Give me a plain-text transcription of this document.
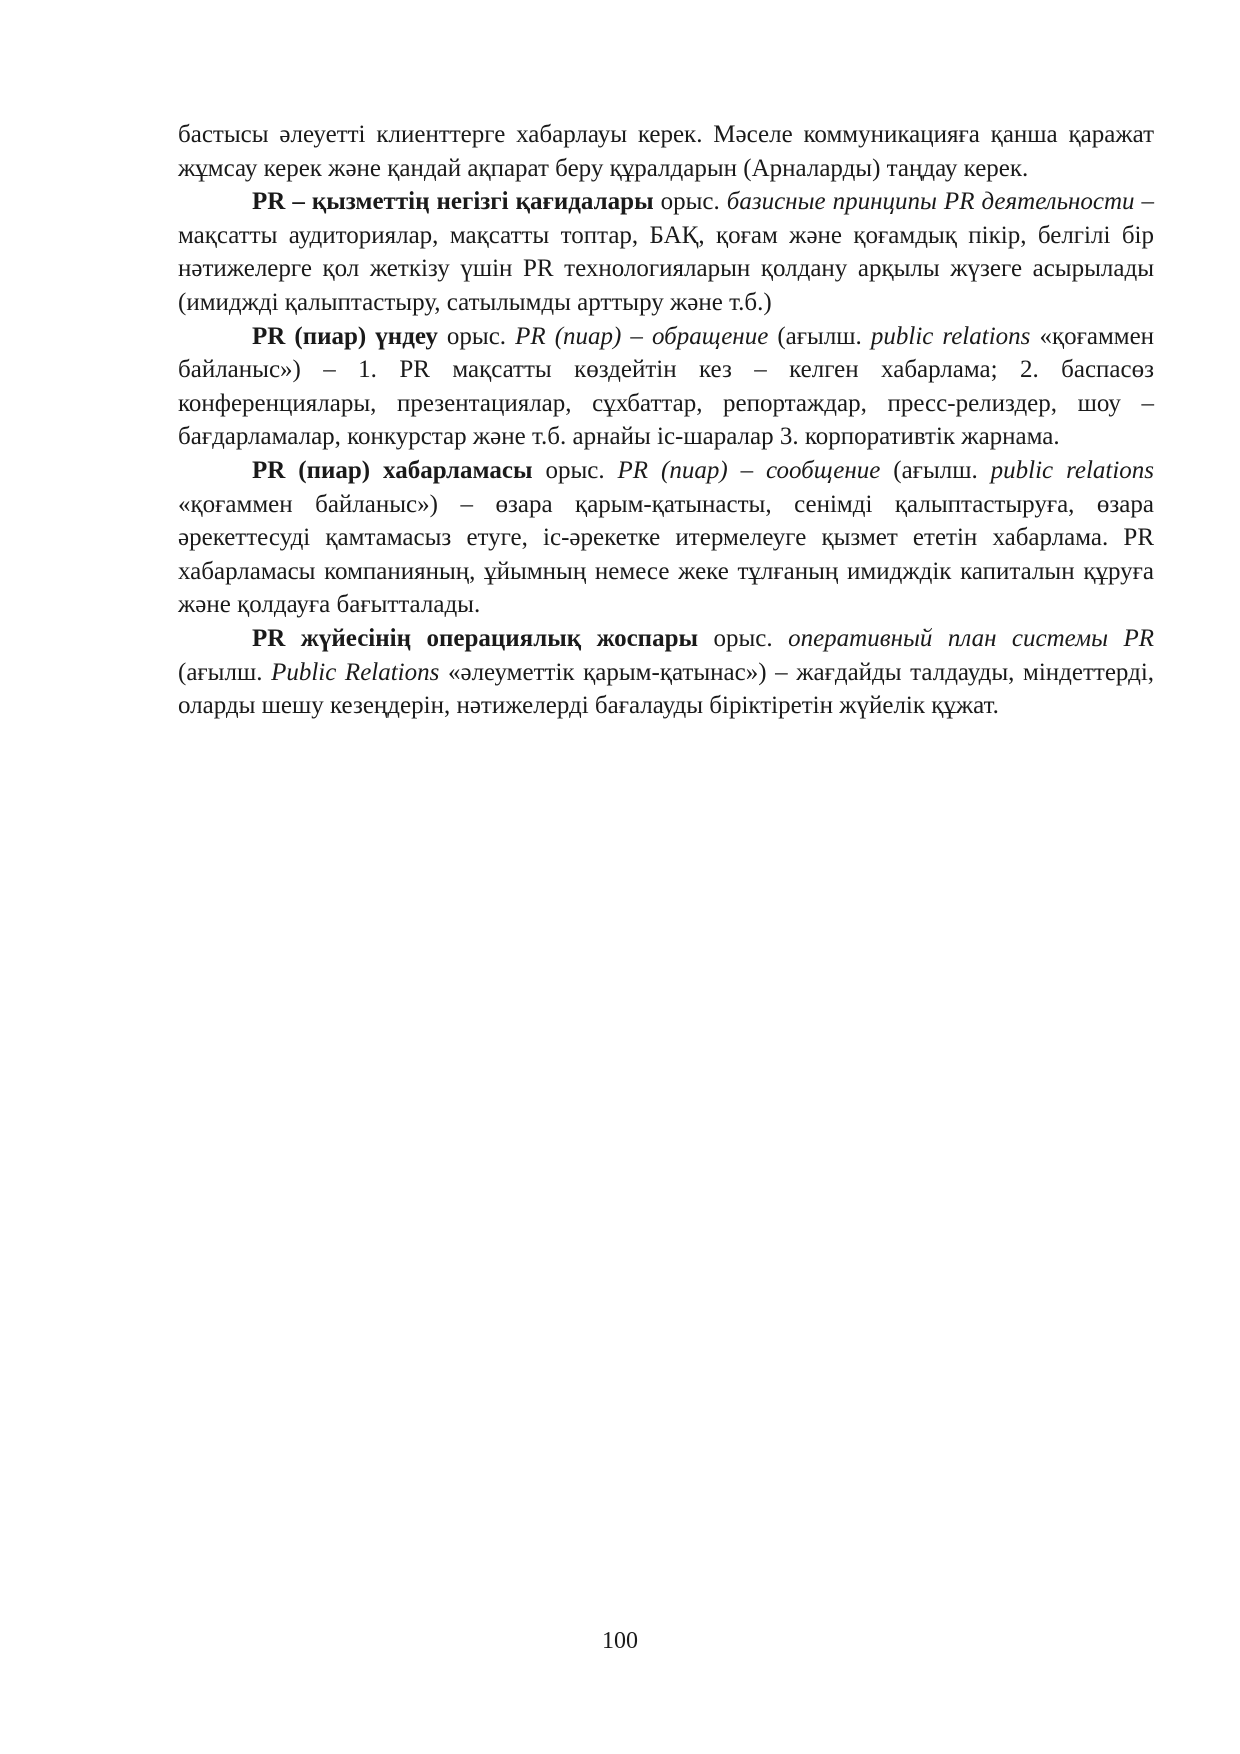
бастысы әлеуетті клиенттерге хабарлауы керек. Мәселе коммуникацияға қанша қаражат жұмсау керек және қандай ақпарат беру құралдарын (Арналарды) таңдау керек.

PR – қызметтің негізгі қағидалары орыс. базисные принципы PR деятельности – мақсатты аудиториялар, мақсатты топтар, БАҚ, қоғам және қоғамдық пікір, белгілі бір нәтижелерге қол жеткізу үшін PR технологияларын қолдану арқылы жүзеге асырылады (имиджді қалыптастыру, сатылымды арттыру және т.б.)

PR (пиар) үндеу орыс. PR (пиар) – обращение (ағылш. public relations «қоғаммен байланыс») – 1. PR мақсатты көздейтін кез – келген хабарлама; 2. баспасөз конференциялары, презентациялар, сұхбаттар, репортаждар, пресс-релиздер, шоу – бағдарламалар, конкурстар және т.б. арнайы іс-шаралар 3. корпоративтік жарнама.

PR (пиар) хабарламасы орыс. PR (пиар) – сообщение (ағылш. public relations «қоғаммен байланыс») – өзара қарым-қатынасты, сенімді қалыптастыруға, өзара әрекеттесуді қамтамасыз етуге, іс-әрекетке итермелеуге қызмет ететін хабарлама. PR хабарламасы компанияның, ұйымның немесе жеке тұлғаның имидждік капиталын құруға және қолдауға бағытталады.

PR жүйесінің операциялық жоспары орыс. оперативный план системы PR (ағылш. Public Relations «әлеуметтік қарым-қатынас») – жағдайды талдауды, міндеттерді, оларды шешу кезеңдерін, нәтижелерді бағалауды біріктіретін жүйелік құжат.

100
